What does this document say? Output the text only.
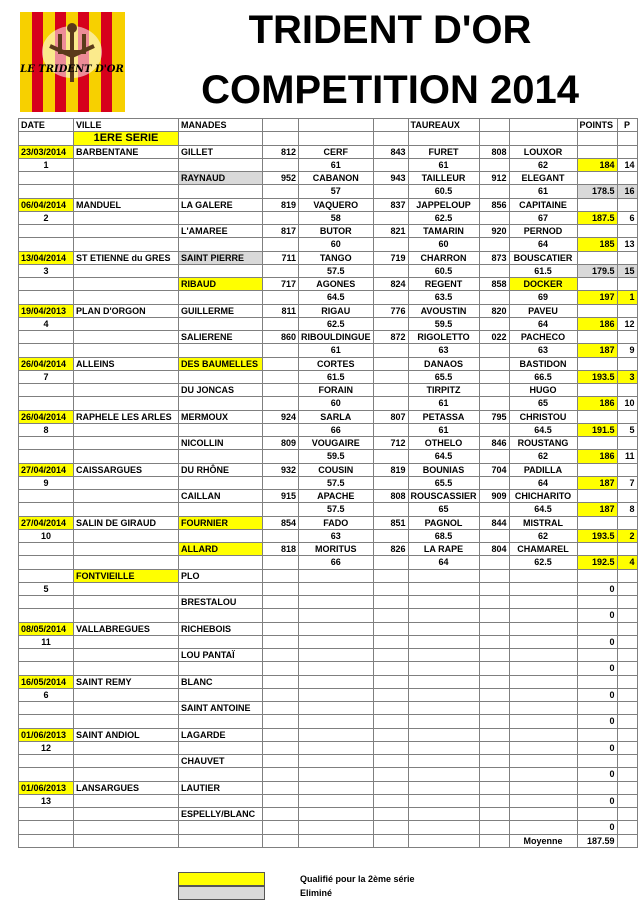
LE TRIDENT D'OR
TRIDENT D'OR
COMPETITION 2014
DATE	VILLE	MANADES				TAUREAUX			POINTS	P
	1ERE SERIE									
23/03/2014	BARBENTANE	GILLET	812	CERF	843	FURET	808	LOUXOR		
1				61		61		62	184	14
		RAYNAUD	952	CABANON	943	TAILLEUR	912	ELEGANT		
				57		60.5		61	178.5	16
06/04/2014	MANDUEL	LA GALERE	819	VAQUERO	837	JAPPELOUP	856	CAPITAINE		
2				58		62.5		67	187.5	6
		L'AMAREE	817	BUTOR	821	TAMARIN	920	PERNOD		
				60		60		64	185	13
13/04/2014	ST ETIENNE du GRES	SAINT PIERRE	711	TANGO	719	CHARRON	873	BOUSCATIER		
3				57.5		60.5		61.5	179.5	15
		RIBAUD	717	AGONES	824	REGENT	858	DOCKER		
				64.5		63.5		69	197	1
19/04/2013	PLAN D'ORGON	GUILLERME	811	RIGAU	776	AVOUSTIN	820	PAVEU		
4				62.5		59.5		64	186	12
		SALIERENE	860	RIBOULDINGUE	872	RIGOLETTO	022	PACHECO		
				61		63		63	187	9
26/04/2014	ALLEINS	DES BAUMELLES		CORTES		DANAOS		BASTIDON		
7				61.5		65.5		66.5	193.5	3
		DU JONCAS		FORAIN		TIRPITZ		HUGO		
				60		61		65	186	10
26/04/2014	RAPHELE LES ARLES	MERMOUX	924	SARLA	807	PETASSA	795	CHRISTOU		
8				66		61		64.5	191.5	5
		NICOLLIN	809	VOUGAIRE	712	OTHELO	846	ROUSTANG		
				59.5		64.5		62	186	11
27/04/2014	CAISSARGUES	DU RHÔNE	932	COUSIN	819	BOUNIAS	704	PADILLA		
9				57.5		65.5		64	187	7
		CAILLAN	915	APACHE	808	ROUSCASSIER	909	CHICHARITO		
				57.5		65		64.5	187	8
27/04/2014	SALIN DE GIRAUD	FOURNIER	854	FADO	851	PAGNOL	844	MISTRAL		
10				63		68.5		62	193.5	2
		ALLARD	818	MORITUS	826	LA RAPE	804	CHAMAREL		
				66		64		62.5	192.5	4
	FONTVIEILLE	PLO								
5									0	
		BRESTALOU								
									0	
08/05/2014	VALLABREGUES	RICHEBOIS								
11									0	
		LOU PANTAÏ								
									0	
16/05/2014	SAINT REMY	BLANC								
6									0	
		SAINT ANTOINE								
									0	
01/06/2013	SAINT ANDIOL	LAGARDE								
12									0	
		CHAUVET								
									0	
01/06/2013	LANSARGUES	LAUTIER								
13									0	
		ESPELLY/BLANC								
									0	
								Moyenne	187.59	
Qualifié pour la 2ème série
Eliminé
